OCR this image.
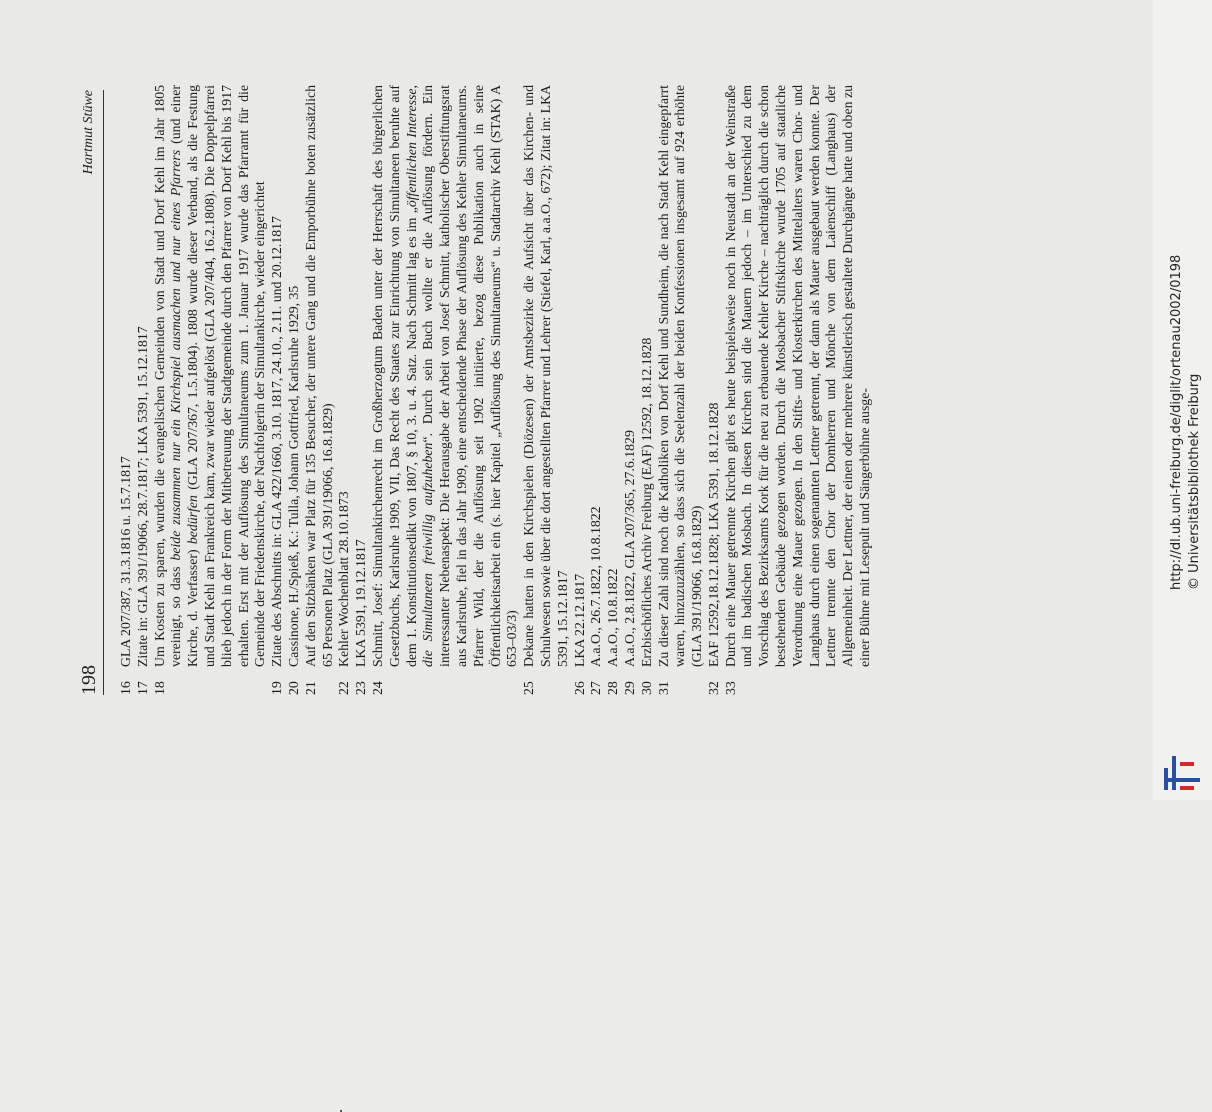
198
Hartmut Stüwe
16
GLA 207/387, 31.3.1816 u. 15.7.1817
17
Zitate in: GLA 391/19066, 28.7.1817; LKA 5391, 15.12.1817
18
Um Kosten zu sparen, wurden die evangelischen Gemeinden von Stadt und Dorf Kehl im Jahr 1805 vereinigt, so dass beide zusammen nur ein Kirchspiel ausmachen und nur eines Pfarrers (und einer Kirche, d. Verfasser) bedürfen (GLA 207/367, 1.5.1804). 1808 wurde dieser Verband, als die Festung und Stadt Kehl an Frankreich kam, zwar wieder aufgelöst (GLA 207/404, 16.2.1808). Die Doppelpfarrei blieb jedoch in der Form der Mitbetreuung der Stadtgemeinde durch den Pfarrer von Dorf Kehl bis 1917 erhalten. Erst mit der Auflösung des Simultaneums zum 1. Januar 1917 wurde das Pfarramt für die Gemeinde der Friedenskirche, der Nachfolgerin der Simultankirche, wieder eingerichtet
19
Zitate des Abschnitts in: GLA 422/1660, 3.10. 1817, 24.10., 2.11. und 20.12.1817
20
Cassinone, H./Spieß, K.: Tulla, Johann Gottfried, Karlsruhe 1929, 35
21
Auf den Sitzbänken war Platz für 135 Besucher, der untere Gang und die Emporbühne boten zusätzlich 65 Personen Platz (GLA 391/19066, 16.8.1829)
22
Kehler Wochenblatt 28.10.1873
23
LKA 5391, 19.12.1817
24
Schmitt, Josef: Simultankirchenrecht im Großherzogtum Baden unter der Herrschaft des bürgerlichen Gesetzbuchs, Karlsruhe 1909, VII, Das Recht des Staates zur Einrichtung von Simultaneen beruhte auf dem 1. Konstitutionsedikt von 1807, § 10, 3. u. 4. Satz. Nach Schmitt lag es im „öffentlichen Interesse, die Simultaneen freiwillig aufzuheben“. Durch sein Buch wollte er die Auflösung fördern. Ein interessanter Nebenaspekt: Die Herausgabe der Arbeit von Josef Schmitt, katholischer Oberstiftungsrat aus Karlsruhe, fiel in das Jahr 1909, eine entscheidende Phase der Auflösung des Kehler Simultaneums. Pfarrer Wild, der die Auflösung seit 1902 initiierte, bezog diese Publikation auch in seine Öffentlichkeitsarbeit ein (s. hier Kapitel „Auflösung des Simultaneums“ u. Stadtarchiv Kehl (STAK) A 653–03/3)
25
Dekane hatten in den Kirchspielen (Diözesen) der Amtsbezirke die Aufsicht über das Kirchen- und Schulwesen sowie über die dort angestellten Pfarrer und Lehrer (Stiefel, Karl, a.a.O., 672); Zitat in: LKA 5391, 15.12.1817
26
LKA 22.12.1817
27
A.a.O., 26.7.1822, 10.8.1822
28
A.a.O., 10.8.1822
29
A.a.O., 2.8.1822, GLA 207/365, 27.6.1829
30
Erzbischöfliches Archiv Freiburg (EAF) 12592, 18.12.1828
31
Zu dieser Zahl sind noch die Katholiken von Dorf Kehl und Sundheim, die nach Stadt Kehl eingepfarrt waren, hinzuzuzählen, so dass sich die Seelenzahl der beiden Konfessionen insgesamt auf 924 erhöhte (GLA 391/19066, 16.8.1829)
32
EAF 12592,18.12.1828; LKA 5391, 18.12.1828
33
Durch eine Mauer getrennte Kirchen gibt es heute beispielsweise noch in Neustadt an der Weinstraße und im badischen Mosbach. In diesen Kirchen sind die Mauern jedoch – im Unterschied zu dem Vorschlag des Bezirksamts Kork für die neu zu erbauende Kehler Kirche – nachträglich durch die schon bestehenden Gebäude gezogen worden. Durch die Mosbacher Stiftskirche wurde 1705 auf staatliche Verordnung eine Mauer gezogen. In den Stifts- und Klosterkirchen des Mittelalters waren Chor- und Langhaus durch einen sogenannten Lettner getrennt, der dann als Mauer ausgebaut werden konnte. Der Lettner trennte den Chor der Domherren und Mönche von dem Laienschiff (Langhaus) der Allgemeinheit. Der Lettner, der einen oder mehrere künstlerisch gestaltete Durchgänge hatte und oben zu einer Bühne mit Lesepult und Sängerbühne ausge-	http://dl.ub.uni-freiburg.de/diglit/ortenau2002/0198 © Universitätsbibliothek Freiburg
